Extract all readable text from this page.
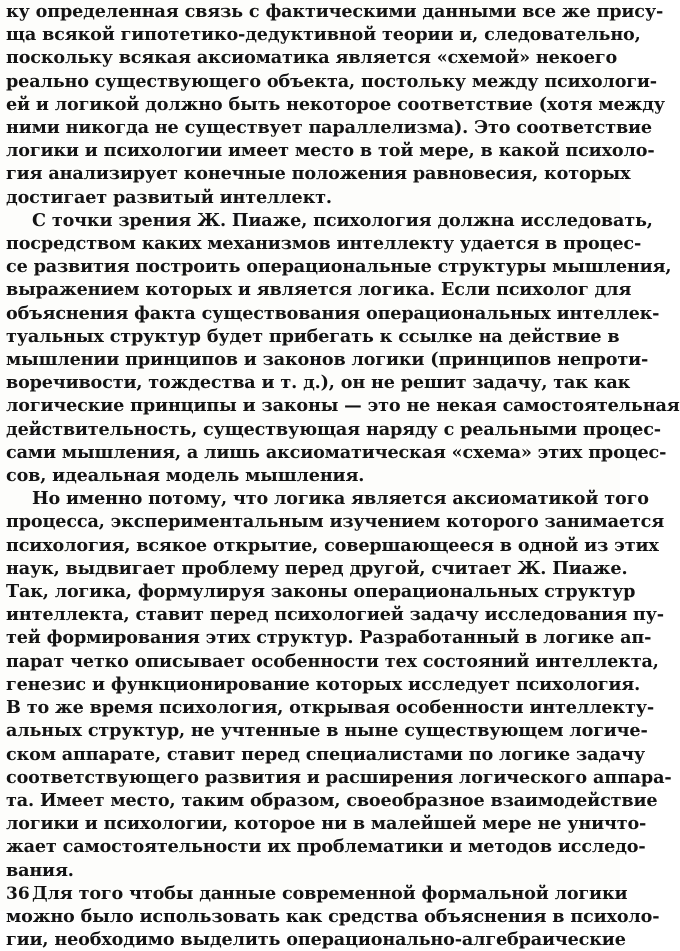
ку определенная связь с фактическими данными все же прису-
ща всякой гипотетико-дедуктивной теории и, следовательно,
поскольку всякая аксиоматика является «схемой» некоего
реально существующего объекта, постольку между психологи-
ей и логикой должно быть некоторое соответствие (хотя между
ними никогда не существует параллелизма). Это соответствие
логики и психологии имеет место в той мере, в какой психоло-
гия анализирует конечные положения равновесия, которых
достигает развитый интеллект.
С точки зрения Ж. Пиаже, психология должна исследовать,
посредством каких механизмов интеллекту удается в процес-
се развития построить операциональные структуры мышления,
выражением которых и является логика. Если психолог для
объяснения факта существования операциональных интеллек-
туальных структур будет прибегать к ссылке на действие в
мышлении принципов и законов логики (принципов непроти-
воречивости, тождества и т. д.), он не решит задачу, так как
логические принципы и законы — это не некая самостоятельная
действительность, существующая наряду с реальными процес-
сами мышления, а лишь аксиоматическая «схема» этих процес-
сов, идеальная модель мышления.
Но именно потому, что логика является аксиоматикой того
процесса, экспериментальным изучением которого занимается
психология, всякое открытие, совершающееся в одной из этих
наук, выдвигает проблему перед другой, считает Ж. Пиаже.
Так, логика, формулируя законы операциональных структур
интеллекта, ставит перед психологией задачу исследования пу-
тей формирования этих структур. Разработанный в логике ап-
парат четко описывает особенности тех состояний интеллекта,
генезис и функционирование которых исследует психология.
В то же время психология, открывая особенности интеллекту-
альных структур, не учтенные в ныне существующем логиче-
ском аппарате, ставит перед специалистами по логике задачу
соответствующего развития и расширения логического аппара-
та. Имеет место, таким образом, своеобразное взаимодействие
логики и психологии, которое ни в малейшей мере не уничто-
жает самостоятельности их проблематики и методов исследо-
вания.
Для того чтобы данные современной формальной логики
можно было использовать как средства объяснения в психоло-
гии, необходимо выделить операционально-алгебраические
36
